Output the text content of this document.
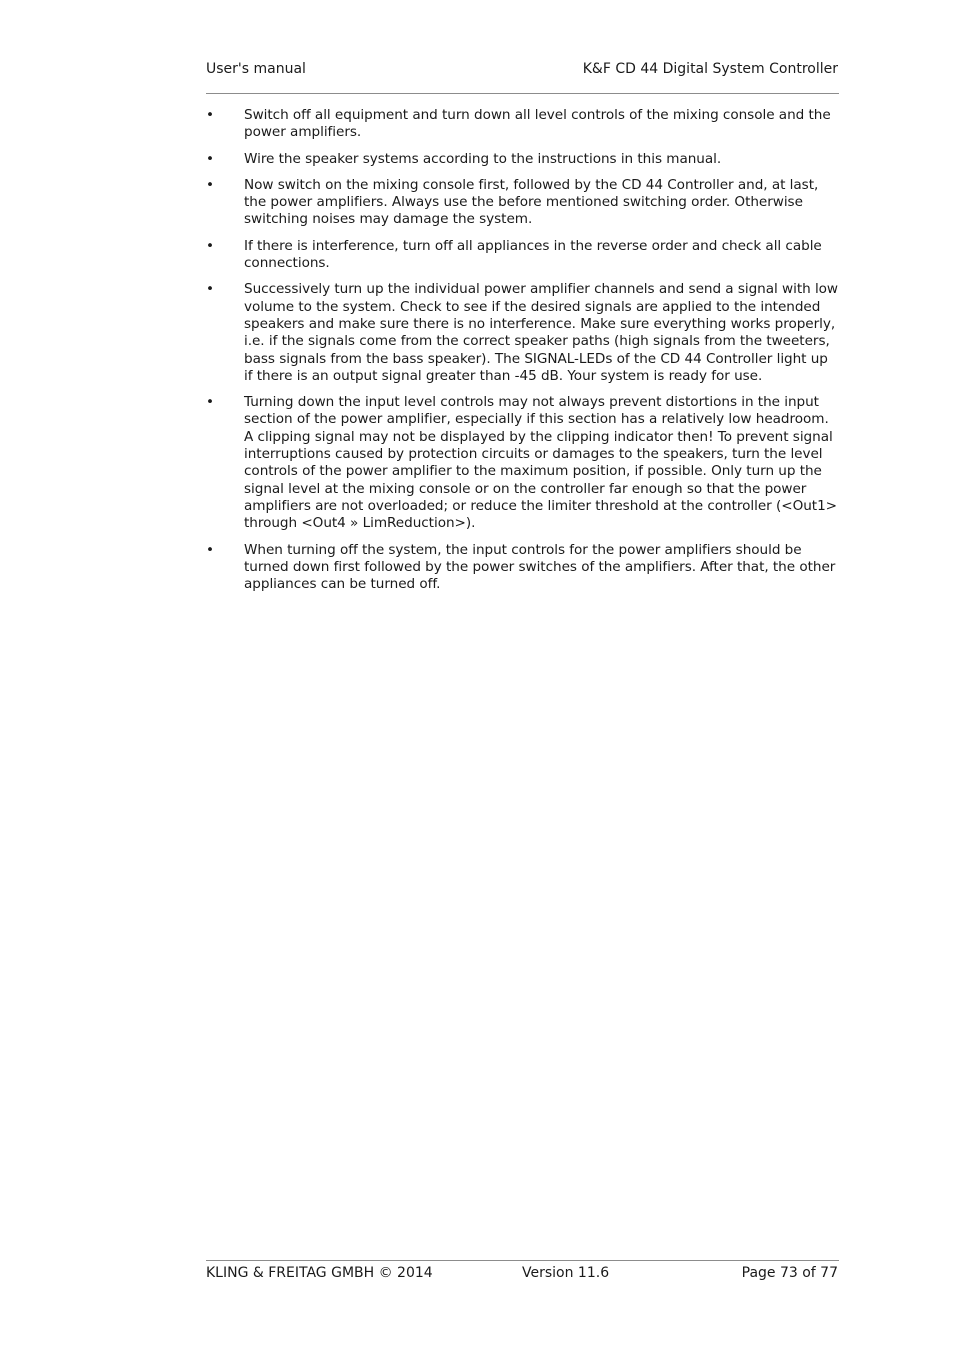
User's manual	K&F CD 44 Digital System Controller
• Switch off all equipment and turn down all level controls of the mixing console and the power amplifiers.
• Wire the speaker systems according to the instructions in this manual.
• Now switch on the mixing console first, followed by the CD 44 Controller and, at last, the power amplifiers. Always use the before mentioned switching order. Otherwise switching noises may damage the system.
• If there is interference, turn off all appliances in the reverse order and check all cable connections.
• Successively turn up the individual power amplifier channels and send a signal with low volume to the system. Check to see if the desired signals are applied to the intended speakers and make sure there is no interference. Make sure everything works properly, i.e. if the signals come from the correct speaker paths (high signals from the tweeters, bass signals from the bass speaker). The SIGNAL-LEDs of the CD 44 Controller light up if there is an output signal greater than -45 dB. Your system is ready for use.
• Turning down the input level controls may not always prevent distortions in the input section of the power amplifier, especially if this section has a relatively low headroom. A clipping signal may not be displayed by the clipping indicator then! To prevent signal interruptions caused by protection circuits or damages to the speakers, turn the level controls of the power amplifier to the maximum position, if possible. Only turn up the signal level at the mixing console or on the controller far enough so that the power amplifiers are not overloaded; or reduce the limiter threshold at the controller (<Out1> through <Out4 » LimReduction>).
• When turning off the system, the input controls for the power amplifiers should be turned down first followed by the power switches of the amplifiers. After that, the other appliances can be turned off.
KLING & FREITAG GMBH © 2014	Version 11.6	Page 73 of 77
